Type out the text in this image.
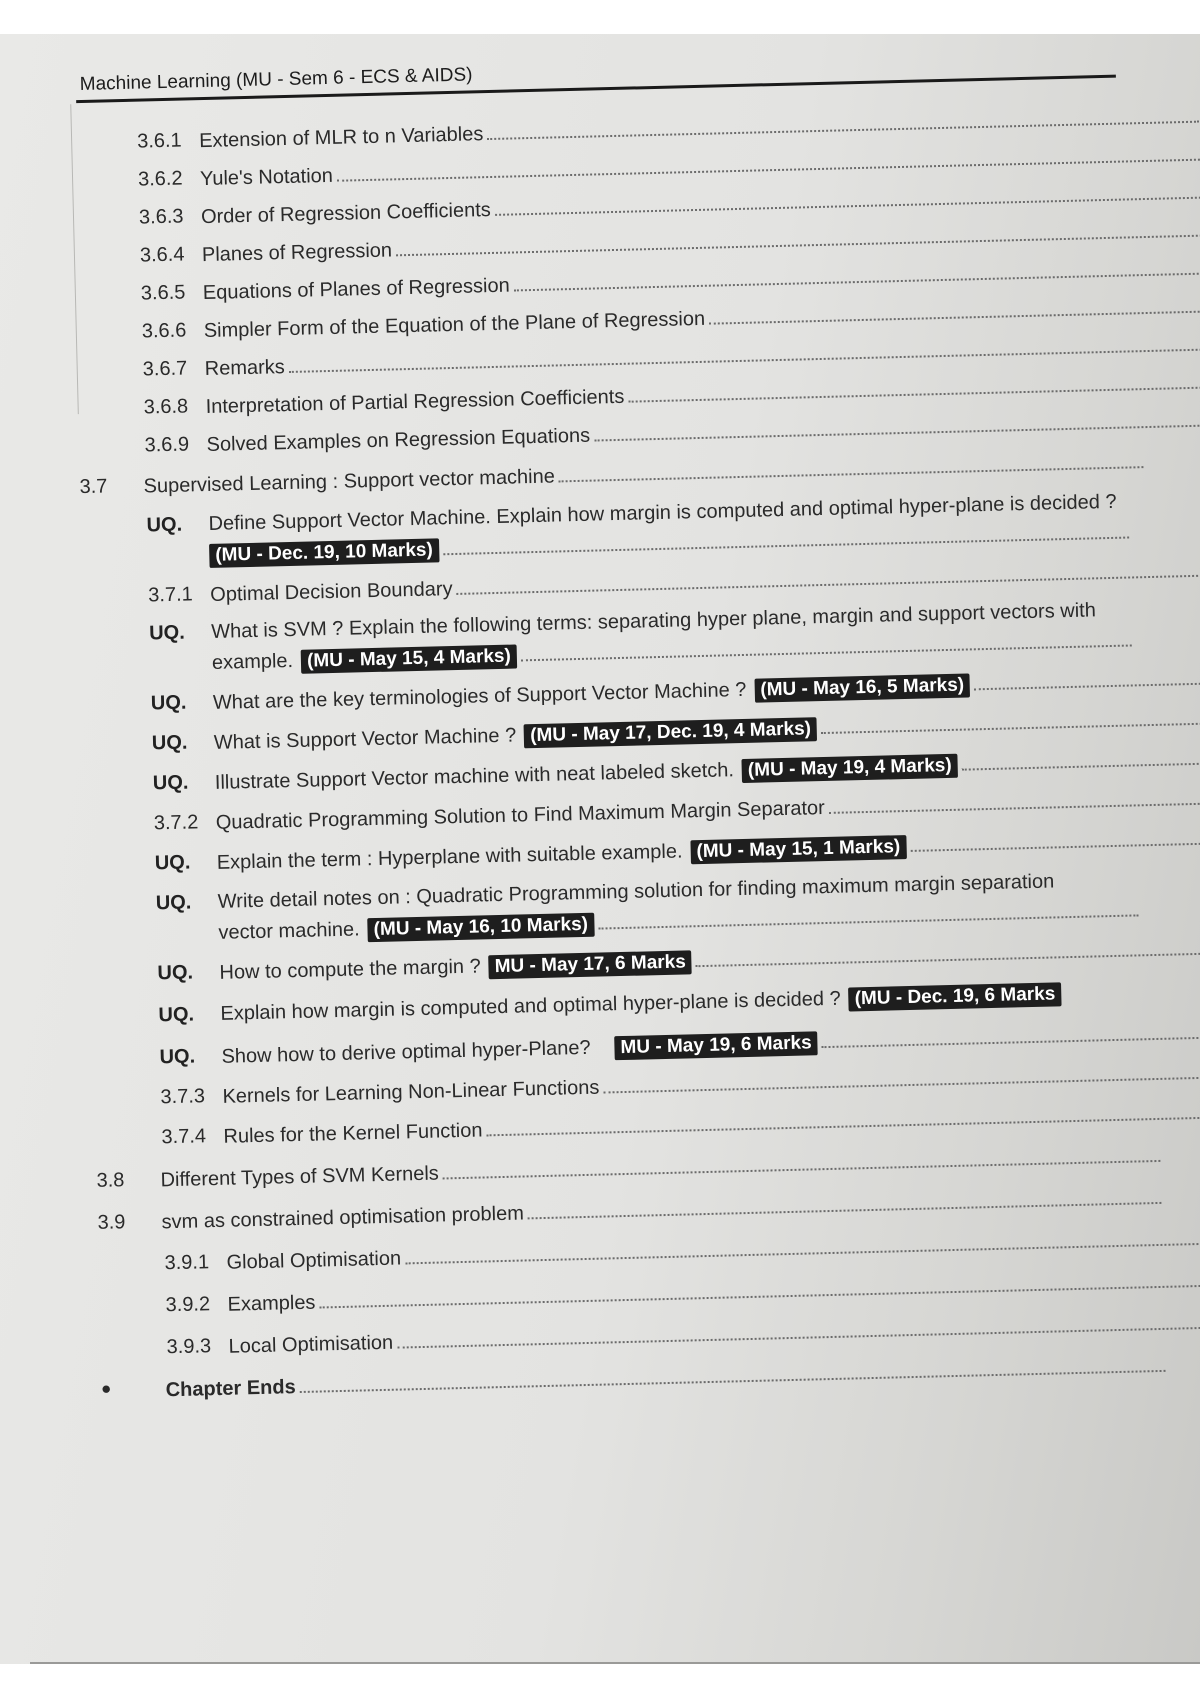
Machine Learning (MU - Sem 6 - ECS & AIDS)
3.6.1 Extension of MLR to n Variables
3.6.2 Yule's Notation
3.6.3 Order of Regression Coefficients
3.6.4 Planes of Regression
3.6.5 Equations of Planes of Regression
3.6.6 Simpler Form of the Equation of the Plane of Regression
3.6.7 Remarks
3.6.8 Interpretation of Partial Regression Coefficients
3.6.9 Solved Examples on Regression Equations
3.7 Supervised Learning : Support vector machine
UQ. Define Support Vector Machine. Explain how margin is computed and optimal hyper-plane is decided ?
(MU - Dec. 19, 10 Marks)
3.7.1 Optimal Decision Boundary
UQ. What is SVM ? Explain the following terms: separating hyper plane, margin and support vectors with
example. (MU - May 15, 4 Marks)
UQ. What are the key terminologies of Support Vector Machine ? (MU - May 16, 5 Marks)
UQ. What is Support Vector Machine ? (MU - May 17, Dec. 19, 4 Marks)
UQ. Illustrate Support Vector machine with neat labeled sketch. (MU - May 19, 4 Marks)
3.7.2 Quadratic Programming Solution to Find Maximum Margin Separator
UQ. Explain the term : Hyperplane with suitable example. (MU - May 15, 1 Marks)
UQ. Write detail notes on : Quadratic Programming solution for finding maximum margin separation
vector machine. (MU - May 16, 10 Marks)
UQ. How to compute the margin ? MU - May 17, 6 Marks
UQ. Explain how margin is computed and optimal hyper-plane is decided ? (MU - Dec. 19, 6 Marks
UQ. Show how to derive optimal hyper-Plane?	MU - May 19, 6 Marks
3.7.3 Kernels for Learning Non-Linear Functions
3.7.4 Rules for the Kernel Function
3.8 Different Types of SVM Kernels
3.9 svm as constrained optimisation problem
3.9.1 Global Optimisation
3.9.2 Examples
3.9.3 Local Optimisation
•	Chapter Ends
